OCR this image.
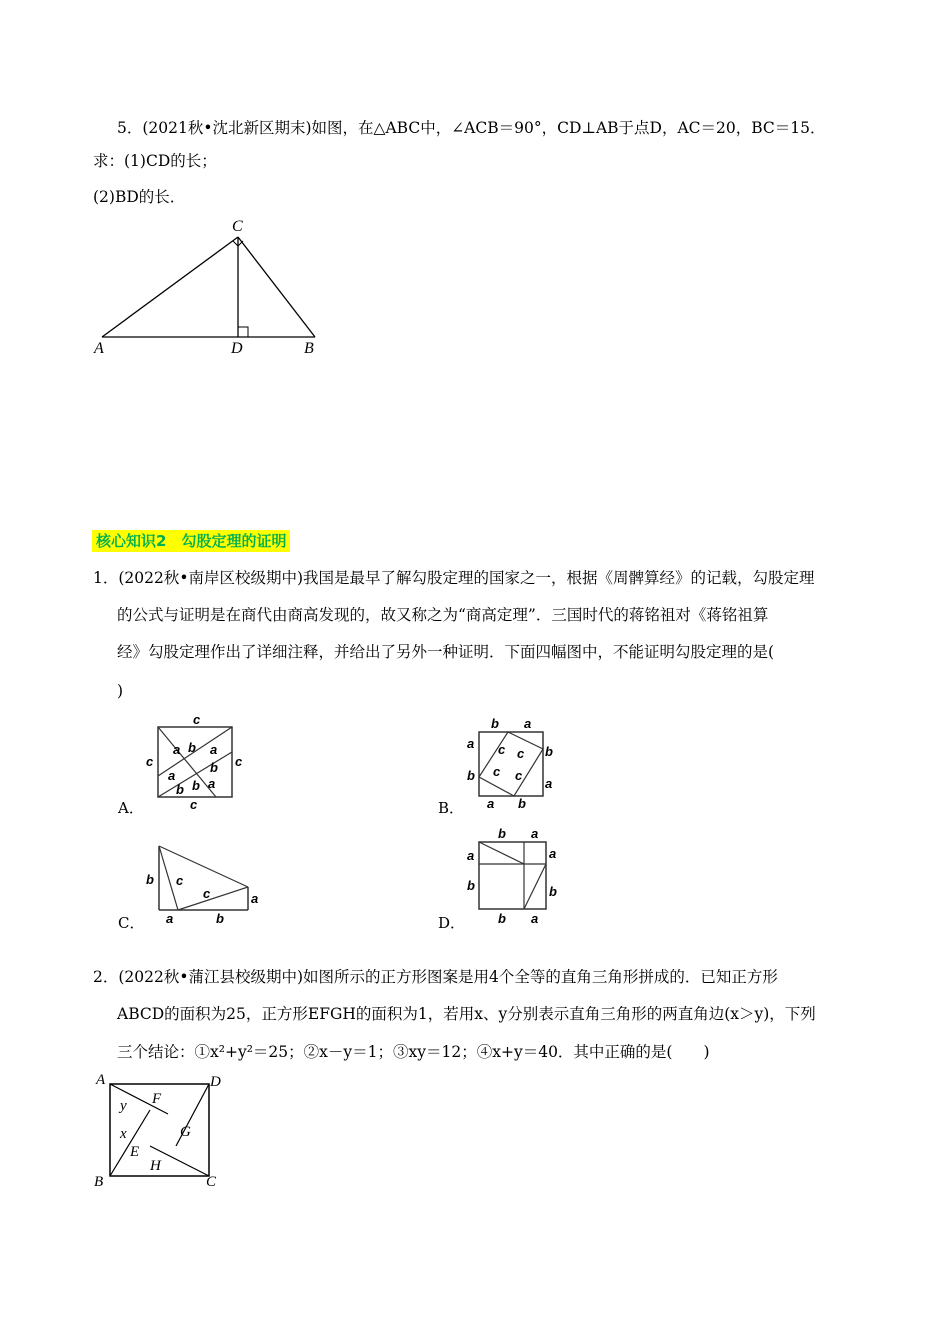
5．(2021秋•沈北新区期末)如图，在△ABC中，∠ACB＝90°，CD⊥AB于点D，AC＝20，BC＝15．
求：(1)CD的长；
(2)BD的长．
A	D	B
C
核心知识2　勾股定理的证明
1．(2022秋•南岸区校级期中)我国是最早了解勾股定理的国家之一，根据《周髀算经》的记载，勾股定理
的公式与证明是在商代由商高发现的，故又称之为“商高定理”．三国时代的蒋铭祖对《蒋铭祖算
经》勾股定理作出了详细注释，并给出了另外一种证明．下面四幅图中，不能证明勾股定理的是(
)
c
c	c
c
a b a
b
a
b b a
A．
b a
a
b
b
a
a b
c c
c c
B．
b c
c	a
a	b
C．
b a
a
b
a
b
b a
D．
2．(2022秋•蒲江县校级期中)如图所示的正方形图案是用4个全等的直角三角形拼成的．已知正方形
ABCD的面积为25，正方形EFGH的面积为1，若用x、y分别表示直角三角形的两直角边(x＞y)，下列
三个结论：①x²+y²＝25；②x－y＝1；③xy＝12；④x+y＝40．其中正确的是(　　)
A	D
B	C
F
G
E
H
y
x
